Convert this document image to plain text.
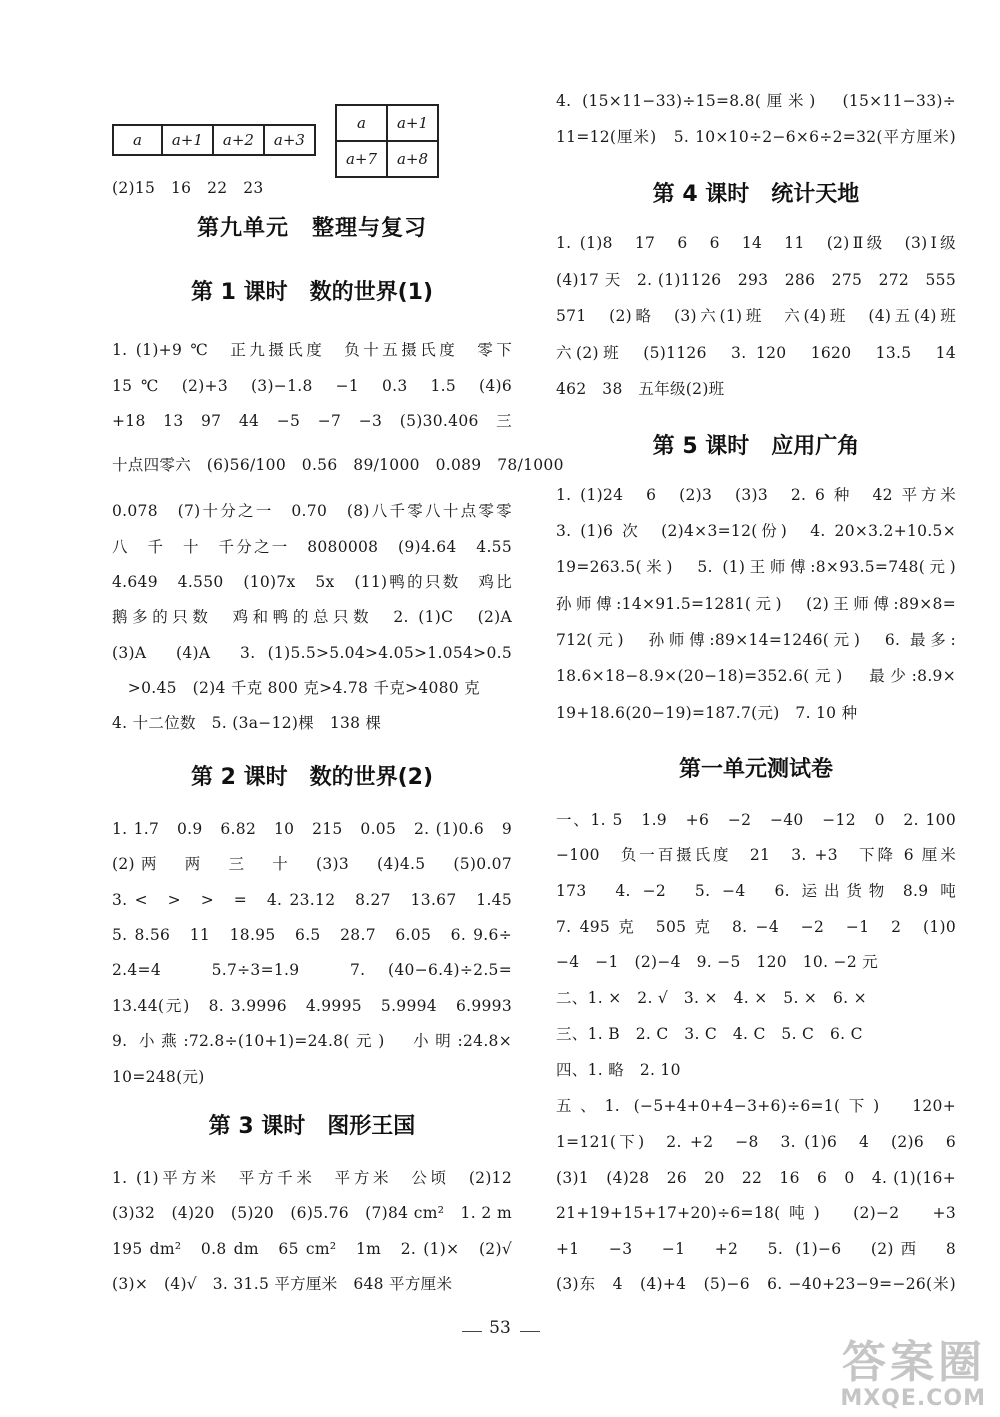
a	a+1	a+2	a+3
a	a+1
a+7	a+8
(2)15　16　22　23
1. (1)+9 ℃　正九摄氏度　负十五摄氏度　零下
15 ℃　(2)+3　(3)−1.8　−1　0.3　1.5　(4)6
+18　13　97　44　−5　−7　−3　(5)30.406　三
十点四零六　(6)56/100　0.56　89/1000　0.089　78/1000
0.078　(7)十分之一　0.70　(8)八千零八十点零零
八　千　十　千分之一　8080008　(9)4.64　4.55
4.649　4.550　(10)7x　5x　(11)鸭的只数　鸡比
鹅多的只数　鸡和鸭的总只数　2. (1)C　(2)A
(3)A　(4)A　3. (1)5.5>5.04>4.05>1.054>0.5
　>0.45　(2)4 千克 800 克>4.78 千克>4080 克
4. 十二位数　5. (3a−12)棵　138 棵
1. 1.7　0.9　6.82　10　215　0.05　2. (1)0.6　9
(2)两　两　三　十　(3)3　(4)4.5　(5)0.07
3. <　>　>　=　4. 23.12　8.27　13.67　1.45
5. 8.56　11　18.95　6.5　28.7　6.05　6. 9.6÷
2.4=4　5.7÷3=1.9　7. (40−6.4)÷2.5=
13.44(元)　8. 3.9996　4.9995　5.9994　6.9993
9. 小燕:72.8÷(10+1)=24.8(元)　小明:24.8×
10=248(元)
1. (1)平方米　平方千米　平方米　公顷　(2)12
(3)32　(4)20　(5)20　(6)5.76　(7)84 cm²　1. 2 m
195 dm²　0.8 dm　65 cm²　1m　2. (1)×　(2)√
(3)×　(4)√　3. 31.5 平方厘米　648 平方厘米
第九单元　整理与复习
第 1 课时　数的世界(1)
第 2 课时　数的世界(2)
第 3 课时　图形王国
4. (15×11−33)÷15=8.8(厘米)　(15×11−33)÷
11=12(厘米)　5. 10×10÷2−6×6÷2=32(平方厘米)
1. (1)8　17　6　6　14　11　(2)Ⅱ级　(3)Ⅰ级
(4)17 天　2. (1)1126　293　286　275　272　555
571　(2)略　(3)六(1)班　六(4)班　(4)五(4)班
六(2)班　(5)1126　3. 120　1620　13.5　14
462　38　五年级(2)班
1. (1)24　6　(2)3　(3)3　2. 6 种　42 平方米
3. (1)6 次　(2)4×3=12(份)　4. 20×3.2+10.5×
19=263.5(米)　5. (1)王师傅:8×93.5=748(元)
孙师傅:14×91.5=1281(元)　(2)王师傅:89×8=
712(元)　孙师傅:89×14=1246(元)　6. 最多:
18.6×18−8.9×(20−18)=352.6(元)　最少:8.9×
19+18.6(20−19)=187.7(元)　7. 10 种
一、1. 5　1.9　+6　−2　−40　−12　0　2. 100
−100　负一百摄氏度　21　3. +3　下降 6 厘米
173　4. −2　5. −4　6. 运出货物 8.9 吨
7. 495 克　505 克　8. −4　−2　−1　2　(1)0
−4　−1　(2)−4　9. −5　120　10. −2 元
二、1. ×　2. √　3. ×　4. ×　5. ×　6. ×
三、1. B　2. C　3. C　4. C　5. C　6. C
四、1. 略　2. 10
五、1. (−5+4+0+4−3+6)÷6=1(下)　120+
1=121(下)　2. +2　−8　3. (1)6　4　(2)6　6
(3)1　(4)28　26　20　22　16　6　0　4. (1)(16+
21+19+15+17+20)÷6=18(吨)　(2)−2　+3
+1　−3　−1　+2　5. (1)−6　(2)西　8
(3)东　4　(4)+4　(5)−6　6. −40+23−9=−26(米)
第 4 课时　统计天地
第 5 课时　应用广角
第一单元测试卷
53
答案圈
MXQE.COM
